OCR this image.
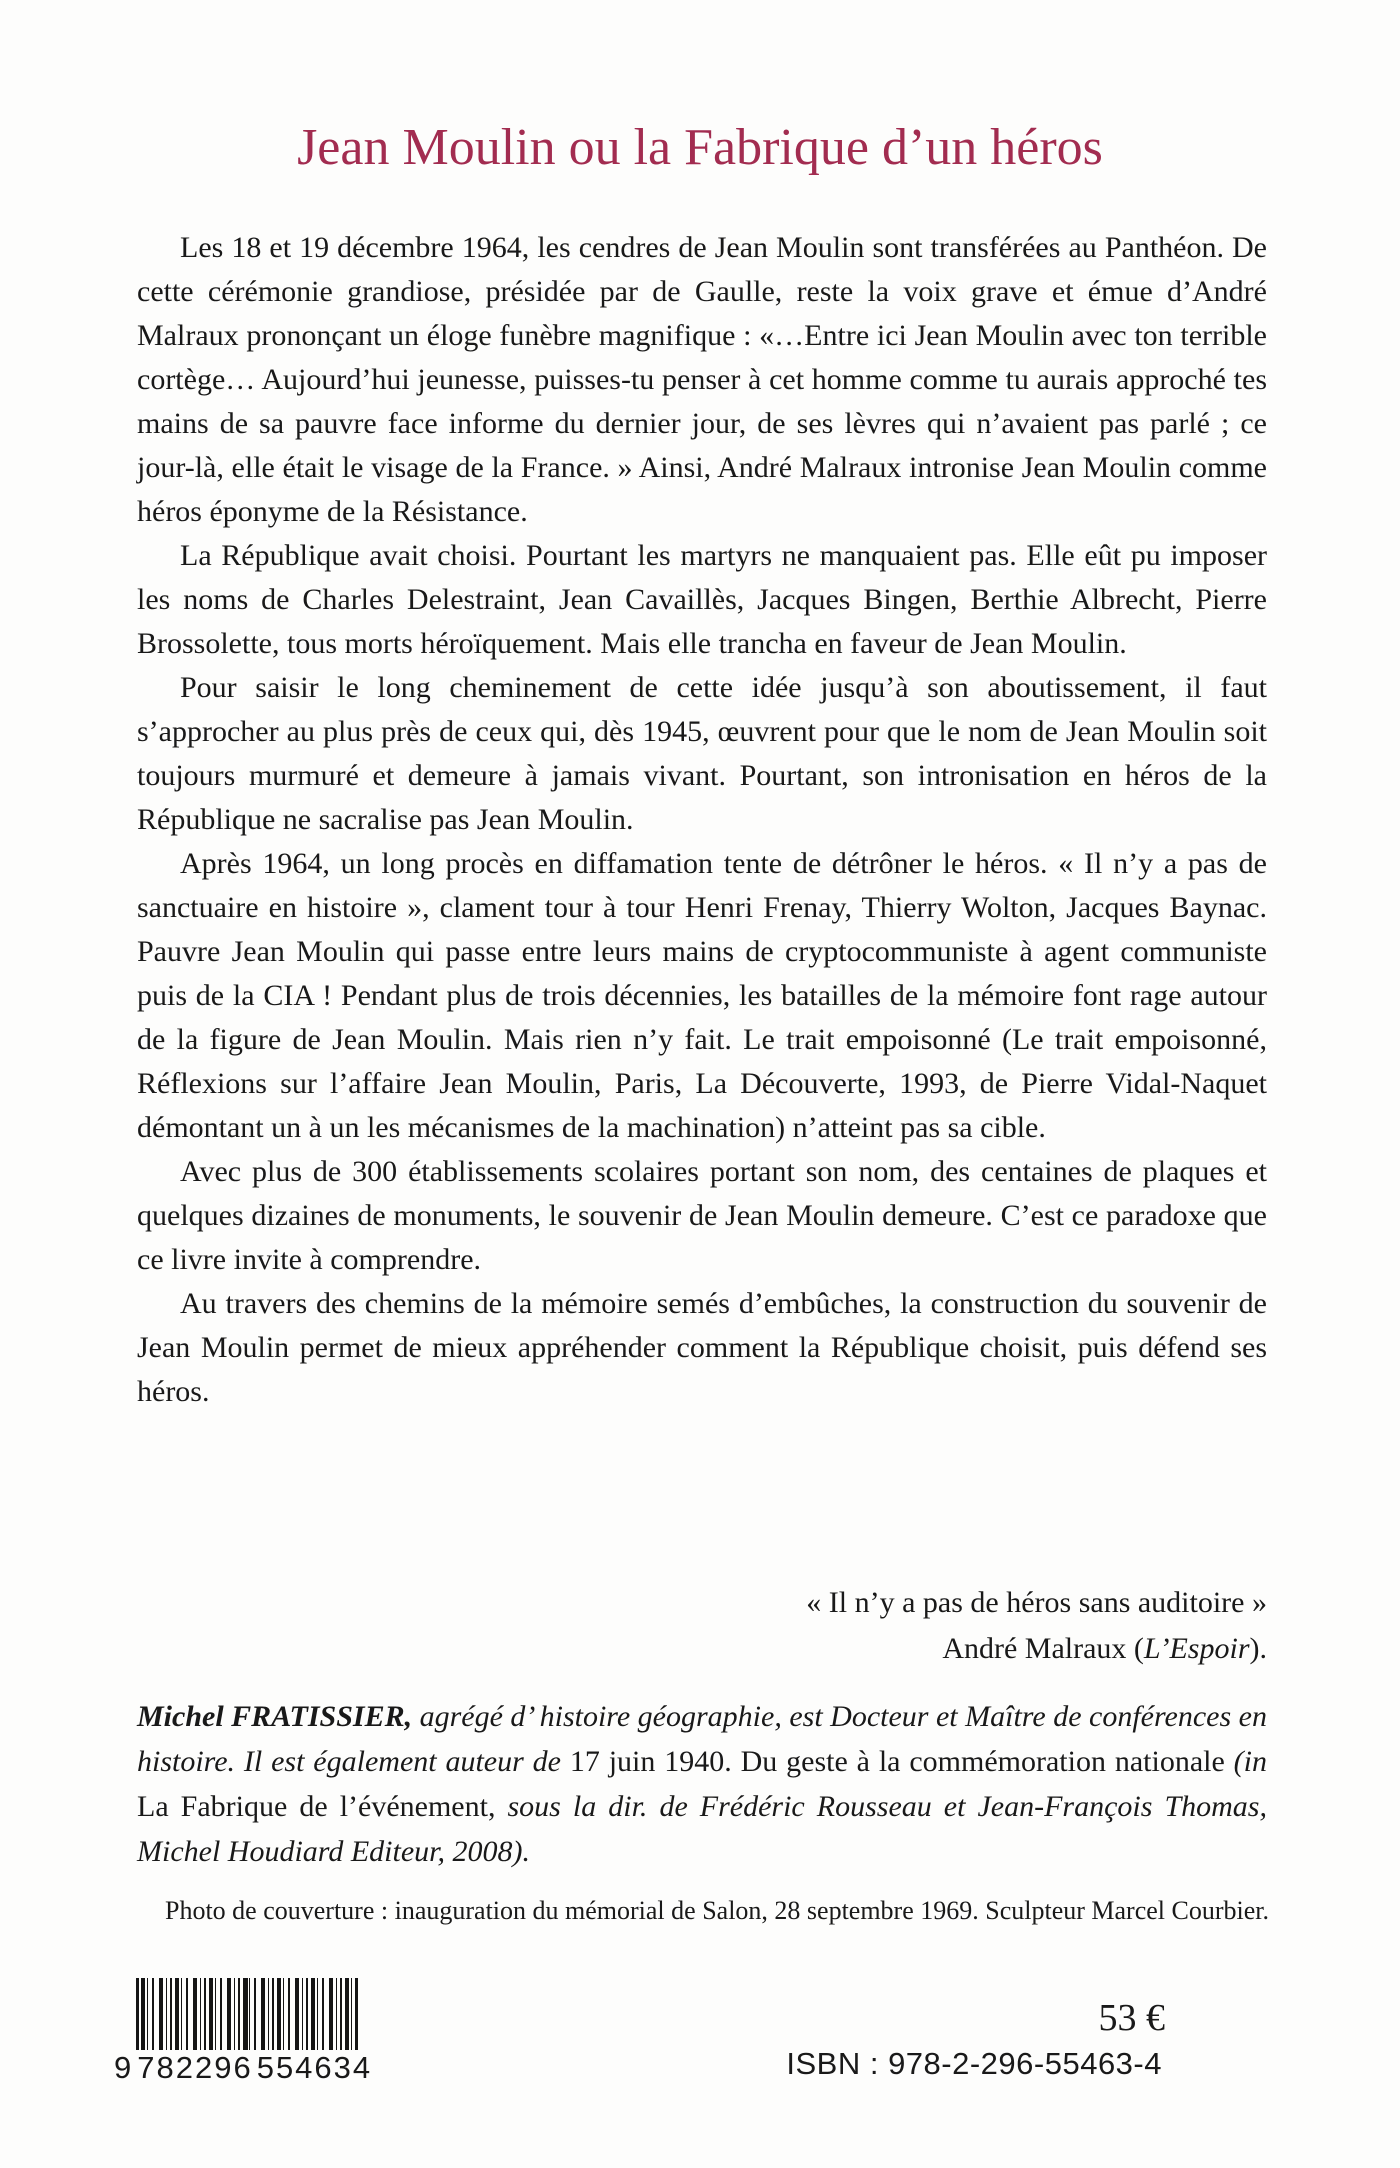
Jean Moulin ou la Fabrique d’un héros

Les 18 et 19 décembre 1964, les cendres de Jean Moulin sont transférées au Panthéon. De cette cérémonie grandiose, présidée par de Gaulle, reste la voix grave et émue d’André Malraux prononçant un éloge funèbre magnifique : «…Entre ici Jean Moulin avec ton terrible cortège… Aujourd’hui jeunesse, puisses-tu penser à cet homme comme tu aurais approché tes mains de sa pauvre face informe du dernier jour, de ses lèvres qui n’avaient pas parlé ; ce jour-là, elle était le visage de la France. » Ainsi, André Malraux intronise Jean Moulin comme héros éponyme de la Résistance.

La République avait choisi. Pourtant les martyrs ne manquaient pas. Elle eût pu imposer les noms de Charles Delestraint, Jean Cavaillès, Jacques Bingen, Berthie Albrecht, Pierre Brossolette, tous morts héroïquement. Mais elle trancha en faveur de Jean Moulin.

Pour saisir le long cheminement de cette idée jusqu’à son aboutissement, il faut s’approcher au plus près de ceux qui, dès 1945, œuvrent pour que le nom de Jean Moulin soit toujours murmuré et demeure à jamais vivant. Pourtant, son intronisation en héros de la République ne sacralise pas Jean Moulin.

Après 1964, un long procès en diffamation tente de détrôner le héros. « Il n’y a pas de sanctuaire en histoire », clament tour à tour Henri Frenay, Thierry Wolton, Jacques Baynac. Pauvre Jean Moulin qui passe entre leurs mains de cryptocommuniste à agent communiste puis de la CIA ! Pendant plus de trois décennies, les batailles de la mémoire font rage autour de la figure de Jean Moulin. Mais rien n’y fait. Le trait empoisonné (Le trait empoisonné, Réflexions sur l’affaire Jean Moulin, Paris, La Découverte, 1993, de Pierre Vidal-Naquet démontant un à un les mécanismes de la machination) n’atteint pas sa cible.

Avec plus de 300 établissements scolaires portant son nom, des centaines de plaques et quelques dizaines de monuments, le souvenir de Jean Moulin demeure. C’est ce paradoxe que ce livre invite à comprendre.

Au travers des chemins de la mémoire semés d’embûches, la construction du souvenir de Jean Moulin permet de mieux appréhender comment la République choisit, puis défend ses héros.

« Il n’y a pas de héros sans auditoire »
André Malraux (L’Espoir).

Michel FRATISSIER, agrégé d’ histoire géographie, est Docteur et Maître de conférences en histoire. Il est également auteur de 17 juin 1940. Du geste à la commémoration nationale (in La Fabrique de l’événement, sous la dir. de Frédéric Rousseau et Jean-François Thomas, Michel Houdiard Editeur, 2008).

Photo de couverture : inauguration du mémorial de Salon, 28 septembre 1969. Sculpteur Marcel Courbier.
9 782296 554634
53 €
ISBN : 978-2-296-55463-4
